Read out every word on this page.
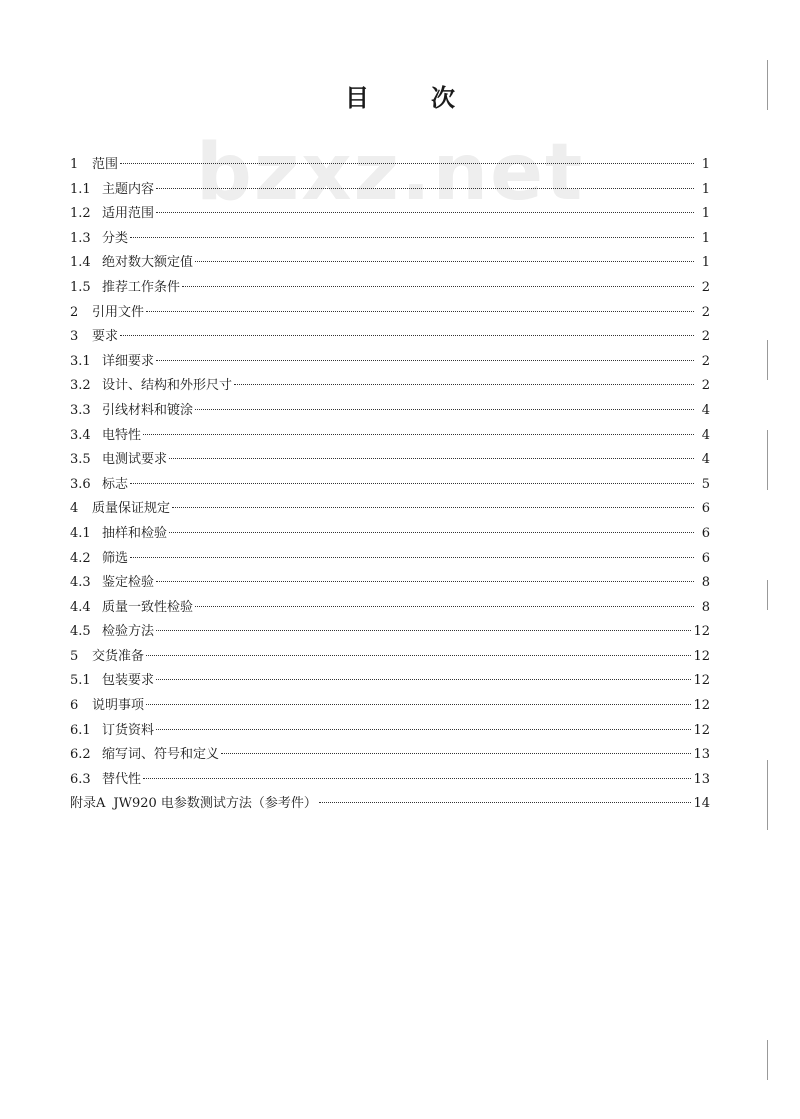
bzxz.net
目	次
1	范围	1
1.1 主题内容	1
1.2 适用范围	1
1.3 分类	1
1.4 绝对数大额定值	1
1.5 推荐工作条件	2
2	引用文件	2
3	要求	2
3.1 详细要求	2
3.2 设计、结构和外形尺寸	2
3.3 引线材料和镀涂	4
3.4 电特性	4
3.5 电测试要求	4
3.6 标志	5
4	质量保证规定	6
4.1 抽样和检验	6
4.2 筛选	6
4.3 鉴定检验	8
4.4 质量一致性检验	8
4.5 检验方法	12
5	交货准备	12
5.1 包装要求	12
6	说明事项	12
6.1 订货资料	12
6.2 缩写词、符号和定义	13
6.3 替代性	13
附录A JW920 电参数测试方法（参考件）	14
